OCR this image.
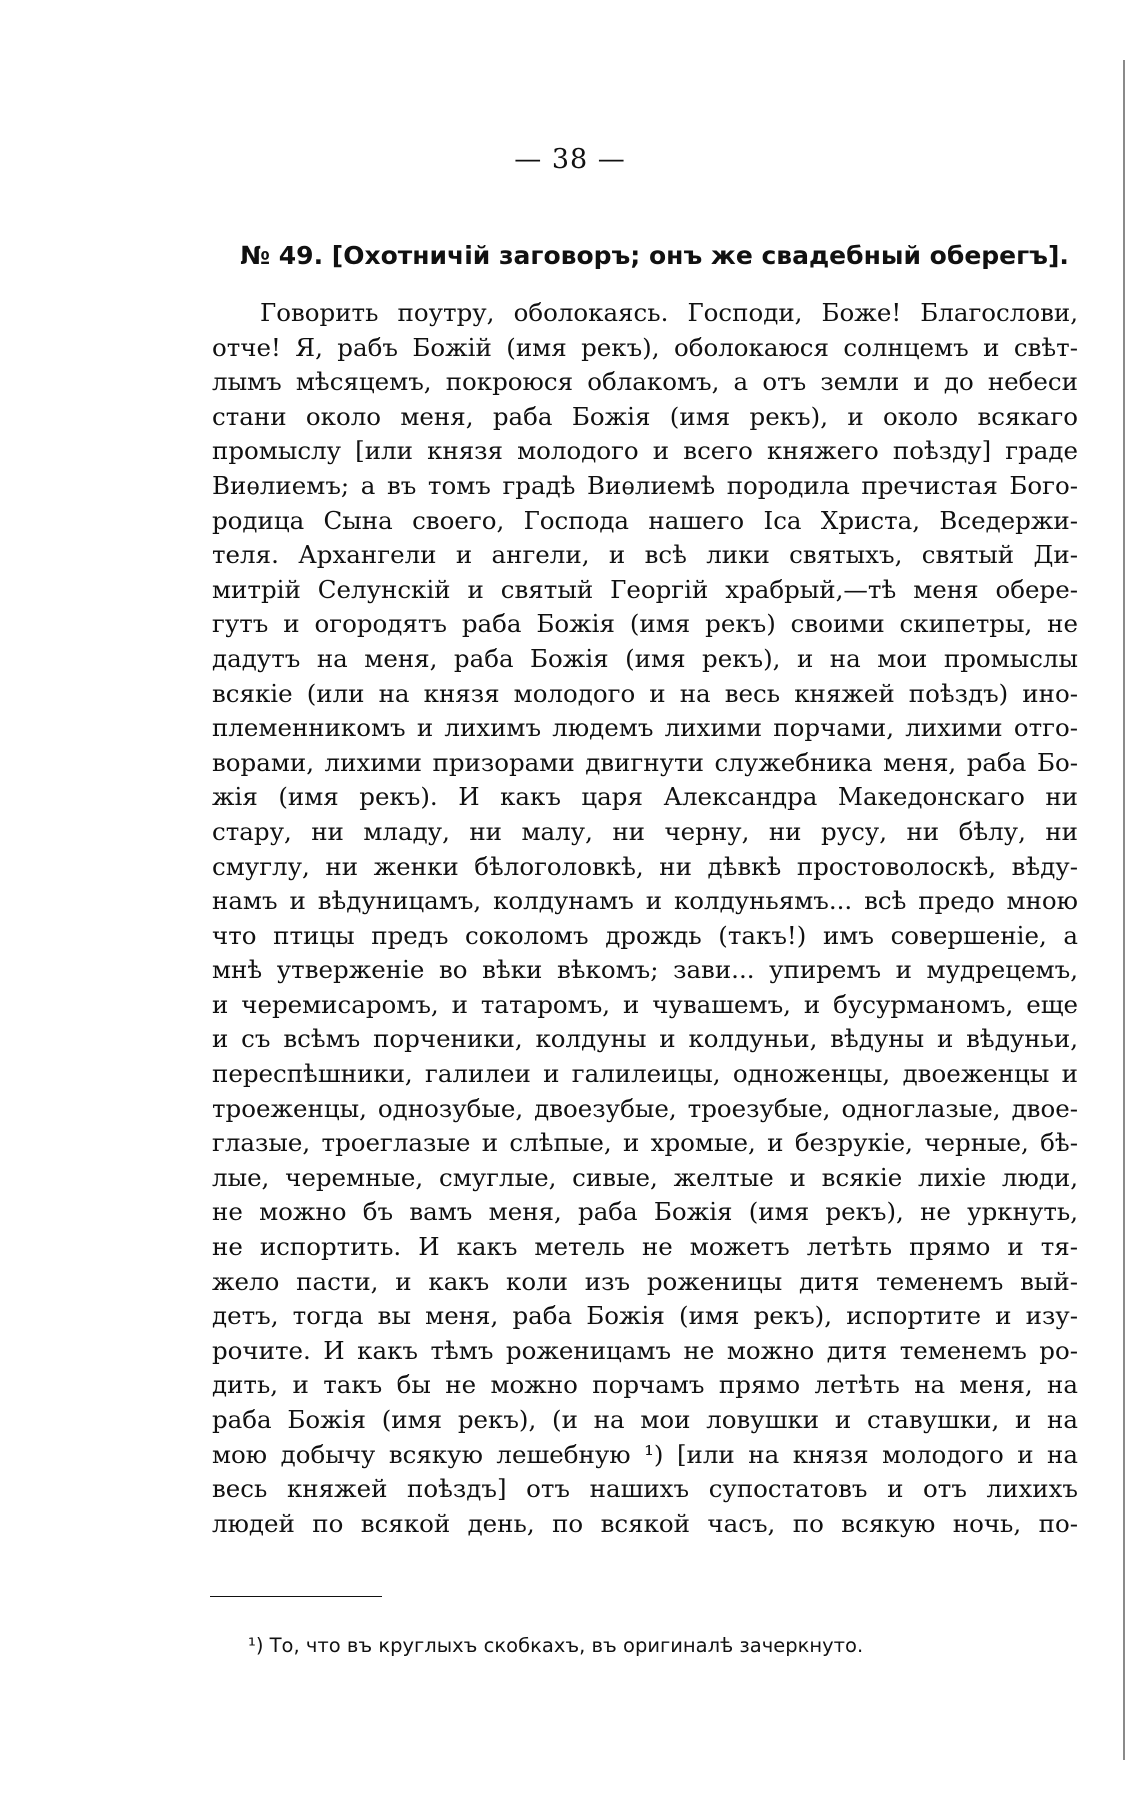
— 38 —
№ 49. [Охотничій заговоръ; онъ же свадебный оберегъ].
Говорить поутру, оболокаясь. Господи, Боже! Благослови,
отче! Я, рабъ Божій (имя рекъ), оболокаюся солнцемъ и свѣт-
лымъ мѣсяцемъ, покроюся облакомъ, а отъ земли и до небеси
стани около меня, раба Божія (имя рекъ), и около всякаго
промыслу [или князя молодого и всего княжего поѣзду] граде
Виѳлиемъ; а въ томъ градѣ Виѳлиемѣ породила пречистая Бого-
родица Сына своего, Господа нашего Іса Христа, Вседержи-
теля. Архангели и ангели, и всѣ лики святыхъ, святый Ди-
митрій Селунскій и святый Георгій храбрый,—тѣ меня обере-
гутъ и огородятъ раба Божія (имя рекъ) своими скипетры, не
дадутъ на меня, раба Божія (имя рекъ), и на мои промыслы
всякіе (или на князя молодого и на весь княжей поѣздъ) ино-
племенникомъ и лихимъ людемъ лихими порчами, лихими отго-
ворами, лихими призорами двигнути служебника меня, раба Бо-
жія (имя рекъ). И какъ царя Александра Македонскаго ни
стару, ни младу, ни малу, ни черну, ни русу, ни бѣлу, ни
смуглу, ни женки бѣлоголовкѣ, ни дѣвкѣ простоволоскѣ, вѣду-
намъ и вѣдуницамъ, колдунамъ и колдуньямъ... всѣ предо мною
что птицы предъ соколомъ дрождь (такъ!) имъ совершеніе, а
мнѣ утверженіе во вѣки вѣкомъ; зави... упиремъ и мудрецемъ,
и черемисаромъ, и татаромъ, и чувашемъ, и бусурманомъ, еще
и съ всѣмъ порченики, колдуны и колдуньи, вѣдуны и вѣдуньи,
переспѣшники, галилеи и галилеицы, одноженцы, двоеженцы и
троеженцы, однозубые, двоезубые, троезубые, одноглазые, двое-
глазые, троеглазые и слѣпые, и хромые, и безрукіе, черные, бѣ-
лые, черемные, смуглые, сивые, желтые и всякіе лихіе люди,
не можно бъ вамъ меня, раба Божія (имя рекъ), не уркнуть,
не испортить. И какъ метель не можетъ летѣть прямо и тя-
жело пасти, и какъ коли изъ роженицы дитя теменемъ вый-
детъ, тогда вы меня, раба Божія (имя рекъ), испортите и изу-
рочите. И какъ тѣмъ роженицамъ не можно дитя теменемъ ро-
дить, и такъ бы не можно порчамъ прямо летѣть на меня, на
раба Божія (имя рекъ), (и на мои ловушки и ставушки, и на
мою добычу всякую лешебную ¹) [или на князя молодого и на
весь княжей поѣздъ] отъ нашихъ супостатовъ и отъ лихихъ
людей по всякой день, по всякой часъ, по всякую ночь, по-
¹) То, что въ круглыхъ скобкахъ, въ оригиналѣ зачеркнуто.
